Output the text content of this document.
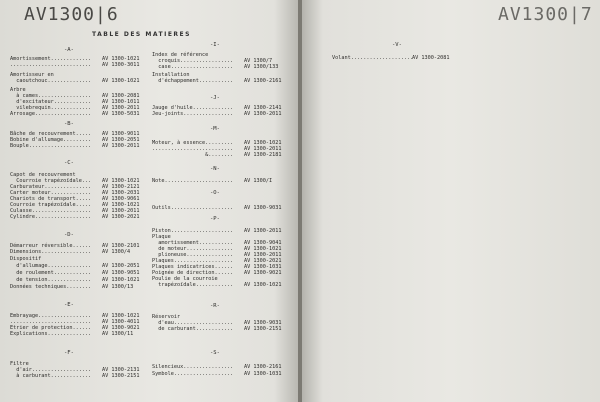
AV1300|6
TABLE DES MATIERES
-A-
Amortissement............. AV 1300-1021
.......................... AV 1300-3011
Amortisseur en
caoutchouc.............. AV 1300-1021
Arbre
à cames................. AV 1300-2081
d'excitateur............ AV 1300-1011
vilebrequin............. AV 1300-2011
Arrosage.................. AV 1300-5031
-B-
Bâche de recouvrement..... AV 1300-9011
Bobine d'allumage......... AV 1300-2051
Bouple.................... AV 1300-2011
-C-
Capot de recouvrement
Courroie trapézoïdale... AV 1300-1021
Carburateur............... AV 1300-2121
Carter moteur............. AV 1300-2031
Chariots de transport..... AV 1300-9061
Courroie trapézoïdale..... AV 1300-1021
Culasse................... AV 1300-2011
Cylindre.................. AV 1300-2021
-D-
Démarreur réversible...... AV 1300-2101
Dimensions................ AV 1300/4
Dispositif
d'allumage.............. AV 1300-2051
de roulement............ AV 1300-9051
de tension.............. AV 1300-1021
Données techniques........ AV 1300/13
-E-
Embrayage................. AV 1300-1021
.......................... AV 1300-4011
Etrier de protection...... AV 1300-9021
Explications.............. AV 1300/11
-F-
Filtre
d'air................... AV 1300-2131
à carburant............. AV 1300-2151
-I-
Index de référence
croquis................. AV 1300/7
case.................... AV 1300/133
Installation
d'échappement........... AV 1300-2161
-J-
Jauge d'huile............. AV 1300-2141
Jeu-joints................ AV 1300-2011
-M-
Moteur, à essence......... AV 1300-1021
.......................... AV 1300-2011
&........ AV 1300-2181
-N-
Note...................... AV 1300/I
-O-
Outils.................... AV 1300-9031
-P-
Piston.................... AV 1300-2011
Plaque
amortissement........... AV 1300-9041
de moteur............... AV 1300-1021
plioneuse............... AV 1300-2011
Plaques................... AV 1300-2021
Plaques indicatrices...... AV 1300-1031
Poignée de direction...... AV 1300-9021
Poulie de la courroie
trapézoïdale............ AV 1300-1021
-R-
Réservoir
d'eau................... AV 1300-9031
de carburant............ AV 1300-2151
-S-
Silencieux................ AV 1300-2161
Symbole................... AV 1300-1031
AV1300|7
-V-
Volant....................
AV 1300-2081
